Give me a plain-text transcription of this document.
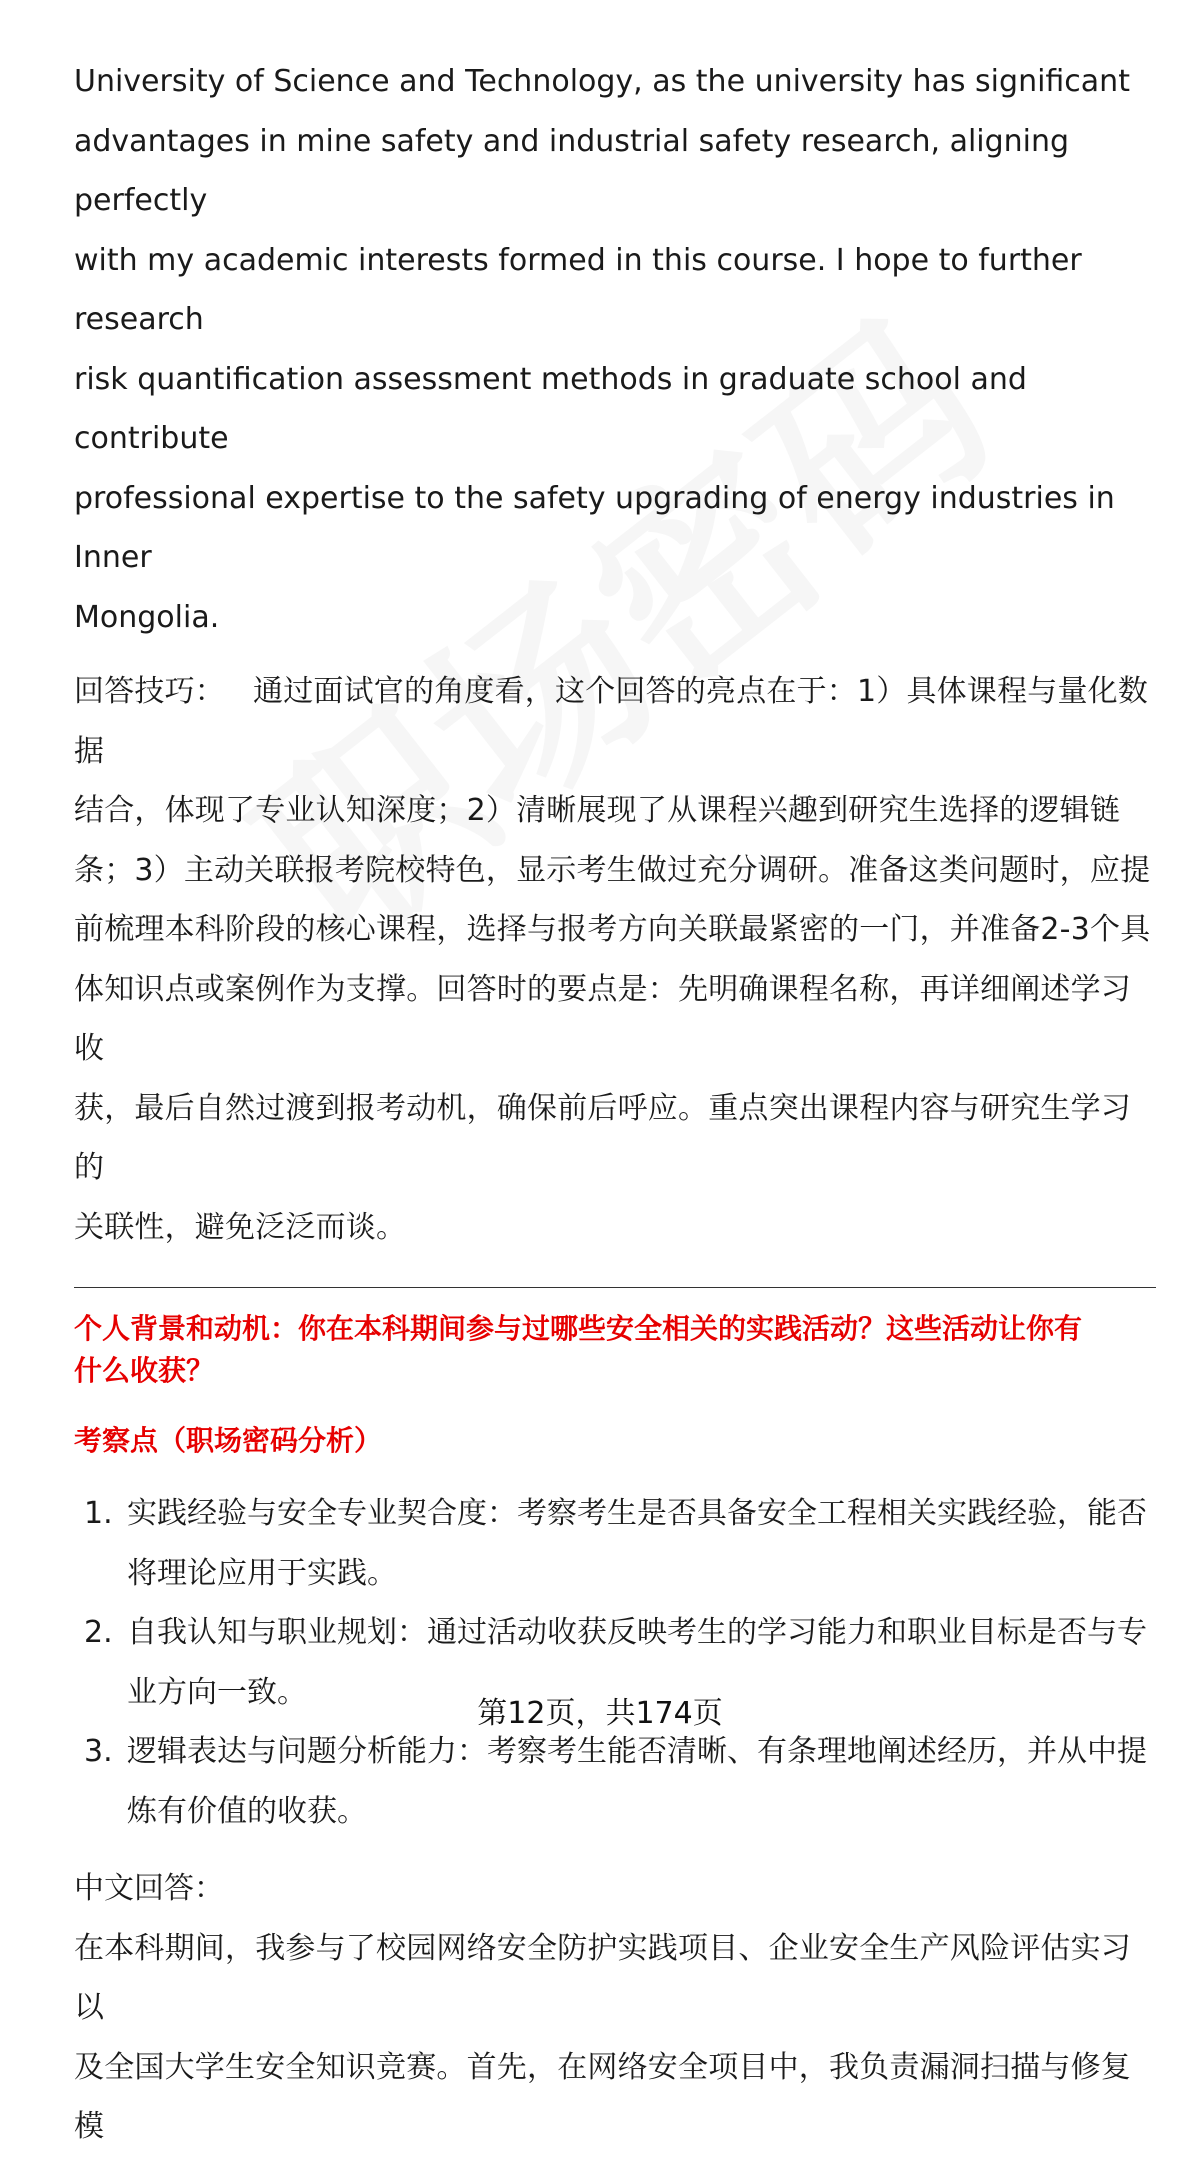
University of Science and Technology, as the university has significant
advantages in mine safety and industrial safety research, aligning perfectly
with my academic interests formed in this course. I hope to further research
risk quantification assessment methods in graduate school and contribute
professional expertise to the safety upgrading of energy industries in Inner
Mongolia.
回答技巧： 通过面试官的角度看，这个回答的亮点在于：1）具体课程与量化数据
结合，体现了专业认知深度；2）清晰展现了从课程兴趣到研究生选择的逻辑链
条；3）主动关联报考院校特色，显示考生做过充分调研。准备这类问题时，应提
前梳理本科阶段的核心课程，选择与报考方向关联最紧密的一门，并准备2-3个具
体知识点或案例作为支撑。回答时的要点是：先明确课程名称，再详细阐述学习收
获，最后自然过渡到报考动机，确保前后呼应。重点突出课程内容与研究生学习的
关联性，避免泛泛而谈。
个人背景和动机：你在本科期间参与过哪些安全相关的实践活动？这些活动让你有
什么收获？
考察点（职场密码分析）
1. 实践经验与安全专业契合度：考察考生是否具备安全工程相关实践经验，能否
将理论应用于实践。
2. 自我认知与职业规划：通过活动收获反映考生的学习能力和职业目标是否与专
业方向一致。
3. 逻辑表达与问题分析能力：考察考生能否清晰、有条理地阐述经历，并从中提
炼有价值的收获。
中文回答：
在本科期间，我参与了校园网络安全防护实践项目、企业安全生产风险评估实习以
及全国大学生安全知识竞赛。首先，在网络安全项目中，我负责漏洞扫描与修复模
第12页，共174页
